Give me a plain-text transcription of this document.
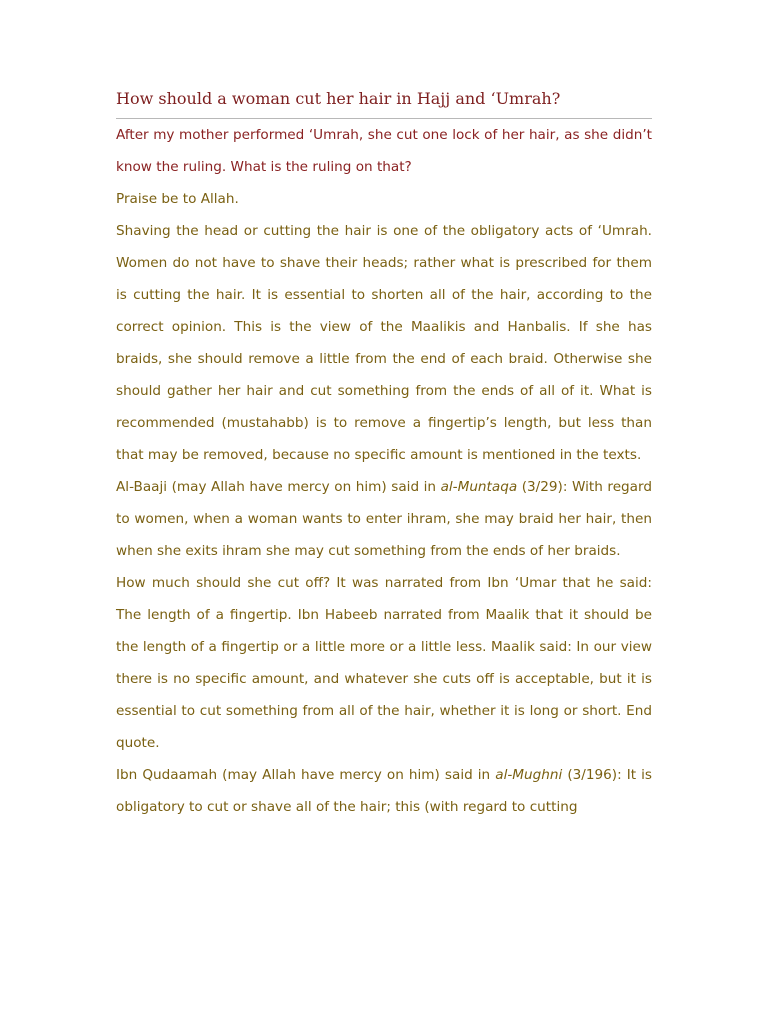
How should a woman cut her hair in Hajj and ‘Umrah?

After my mother performed ‘Umrah, she cut one lock of her hair, as she didn’t know the ruling. What is the ruling on that?

Praise be to Allah.

Shaving the head or cutting the hair is one of the obligatory acts of ‘Umrah. Women do not have to shave their heads; rather what is prescribed for them is cutting the hair. It is essential to shorten all of the hair, according to the correct opinion. This is the view of the Maalikis and Hanbalis. If she has braids, she should remove a little from the end of each braid. Otherwise she should gather her hair and cut something from the ends of all of it. What is recommended (mustahabb) is to remove a fingertip’s length, but less than that may be removed, because no specific amount is mentioned in the texts.

Al-Baaji (may Allah have mercy on him) said in al-Muntaqa (3/29): With regard to women, when a woman wants to enter ihram, she may braid her hair, then when she exits ihram she may cut something from the ends of her braids.

How much should she cut off? It was narrated from Ibn ‘Umar that he said: The length of a fingertip. Ibn Habeeb narrated from Maalik that it should be the length of a fingertip or a little more or a little less. Maalik said: In our view there is no specific amount, and whatever she cuts off is acceptable, but it is essential to cut something from all of the hair, whether it is long or short. End quote.

Ibn Qudaamah (may Allah have mercy on him) said in al-Mughni (3/196): It is obligatory to cut or shave all of the hair; this (with regard to cutting
